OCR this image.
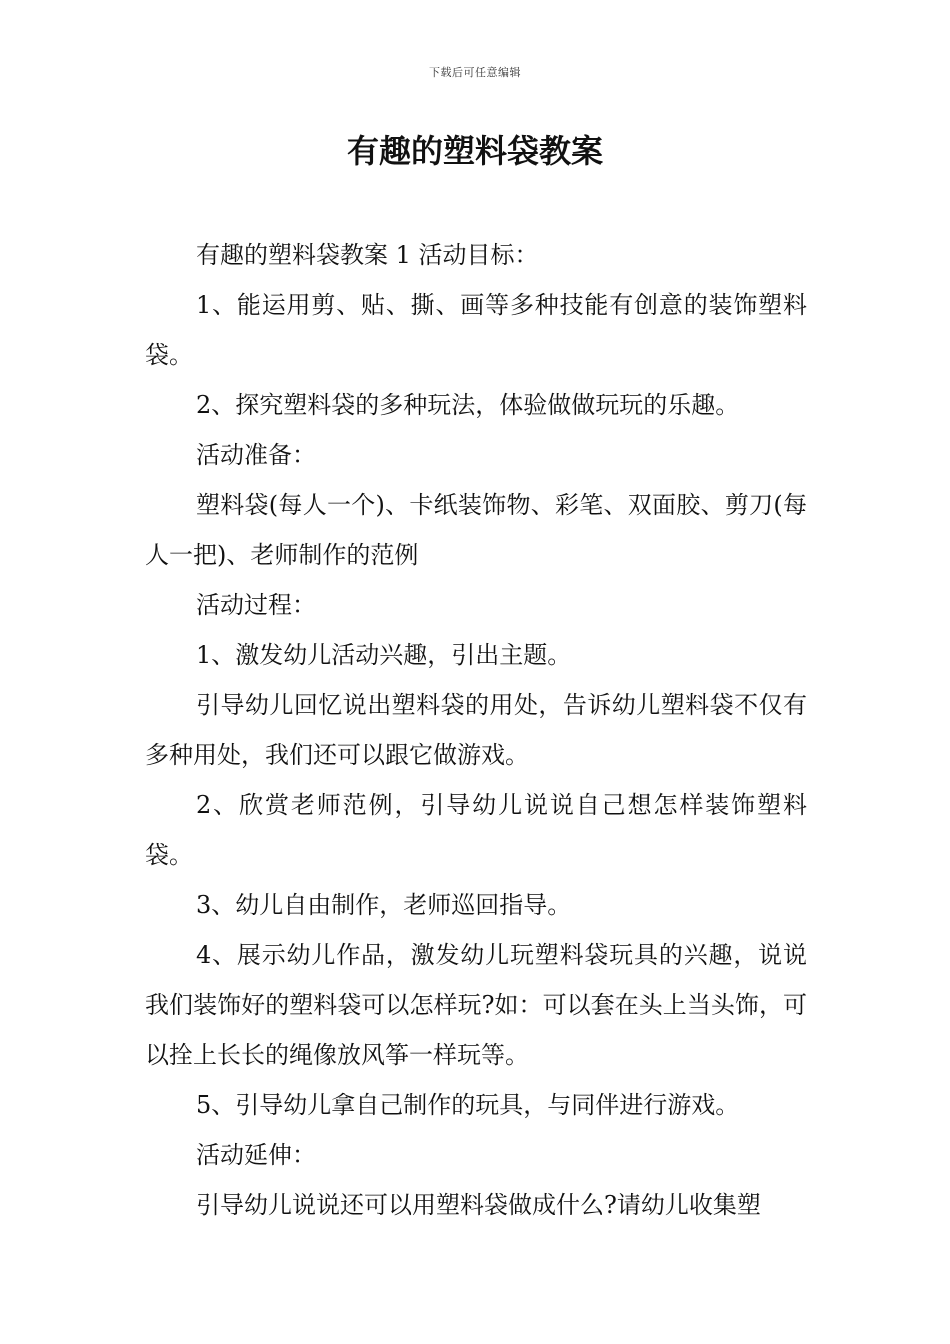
下载后可任意编辑
有趣的塑料袋教案

有趣的塑料袋教案 1 活动目标：

1、能运用剪、贴、撕、画等多种技能有创意的装饰塑料袋。

2、探究塑料袋的多种玩法，体验做做玩玩的乐趣。

活动准备：

塑料袋(每人一个)、卡纸装饰物、彩笔、双面胶、剪刀(每人一把)、老师制作的范例

活动过程：

1、激发幼儿活动兴趣，引出主题。

引导幼儿回忆说出塑料袋的用处，告诉幼儿塑料袋不仅有多种用处，我们还可以跟它做游戏。

2、欣赏老师范例，引导幼儿说说自己想怎样装饰塑料袋。

3、幼儿自由制作，老师巡回指导。

4、展示幼儿作品，激发幼儿玩塑料袋玩具的兴趣，说说我们装饰好的塑料袋可以怎样玩?如：可以套在头上当头饰，可以拴上长长的绳像放风筝一样玩等。

5、引导幼儿拿自己制作的玩具，与同伴进行游戏。

活动延伸：

引导幼儿说说还可以用塑料袋做成什么?请幼儿收集塑
